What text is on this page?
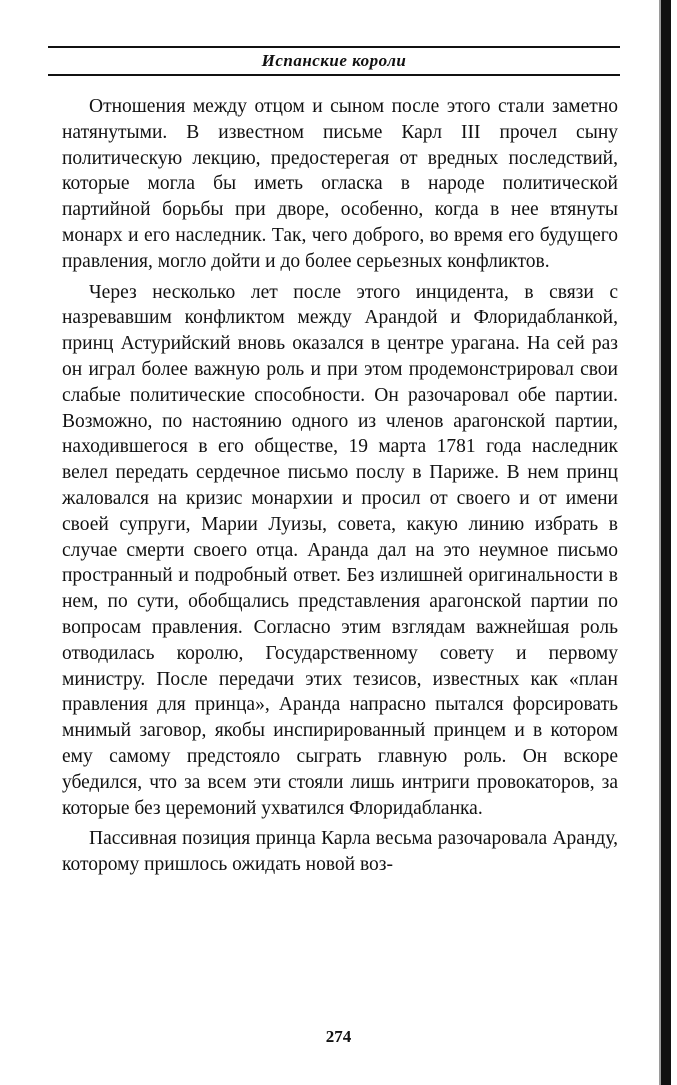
Испанские короли

Отношения между отцом и сыном после этого стали заметно натянутыми. В известном письме Карл III прочел сыну политическую лекцию, предостерегая от вредных последствий, которые могла бы иметь огласка в народе политической партийной борьбы при дворе, особенно, когда в нее втянуты монарх и его наследник. Так, чего доброго, во время его будущего правления, могло дойти и до более серьезных конфликтов.

Через несколько лет после этого инцидента, в связи с назревавшим конфликтом между Арандой и Флоридабланкой, принц Астурийский вновь оказался в центре урагана. На сей раз он играл более важную роль и при этом продемонстрировал свои слабые политические способности. Он разочаровал обе партии. Возможно, по настоянию одного из членов арагонской партии, находившегося в его обществе, 19 марта 1781 года наследник велел передать сердечное письмо послу в Париже. В нем принц жаловался на кризис монархии и просил от своего и от имени своей супруги, Марии Луизы, совета, какую линию избрать в случае смерти своего отца. Аранда дал на это неумное письмо пространный и подробный ответ. Без излишней оригинальности в нем, по сути, обобщались представления арагонской партии по вопросам правления. Согласно этим взглядам важнейшая роль отводилась королю, Государственному совету и первому министру. После передачи этих тезисов, известных как «план правления для принца», Аранда напрасно пытался форсировать мнимый заговор, якобы инспирированный принцем и в котором ему самому предстояло сыграть главную роль. Он вскоре убедился, что за всем эти стояли лишь интриги провокаторов, за которые без церемоний ухватился Флоридабланка.

Пассивная позиция принца Карла весьма разочаровала Аранду, которому пришлось ожидать новой воз-

274
